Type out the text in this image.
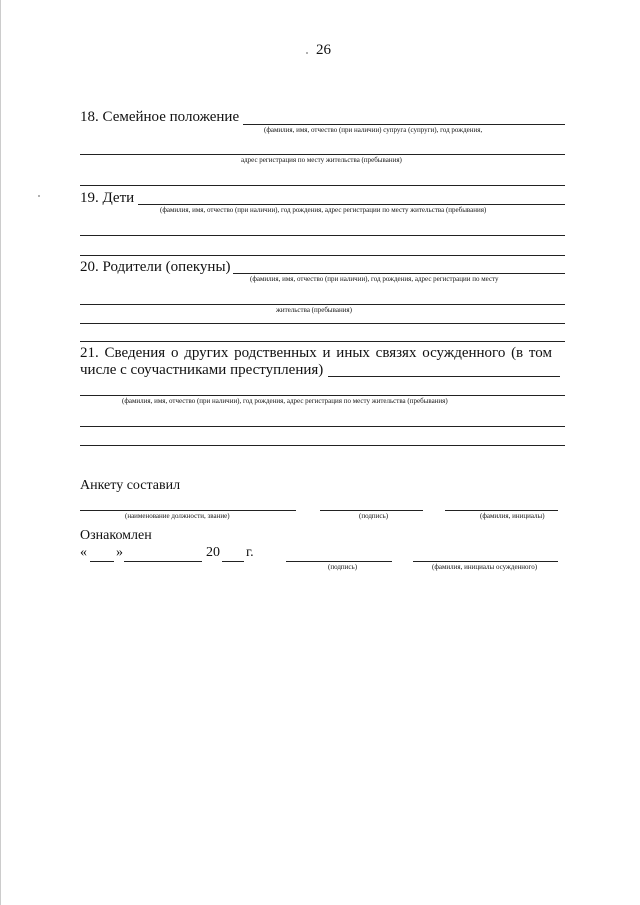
26
18. Семейное положение
(фамилия, имя, отчество (при наличии) супруга (супруги), год рождения,
адрес регистрация по месту жительства (пребывания)
19. Дети
(фамилия, имя, отчество (при наличии), год рождения, адрес регистрации по месту жительства (пребывания)
20. Родители (опекуны)
(фамилия, имя, отчество (при наличии), год рождения, адрес регистрации по месту
жительства (пребывания)
21. Сведения о других родственных и иных связях осужденного (в том
числе с соучастниками преступления)
(фамилия, имя, отчество (при наличии), год рождения, адрес регистрация по месту жительства (пребывания)
Анкету составил
(наименование должности, звание)	(подпись)	(фамилия, инициалы)
Ознакомлен
« »	20 г.
(подпись)	(фамилия, инициалы осужденного)
